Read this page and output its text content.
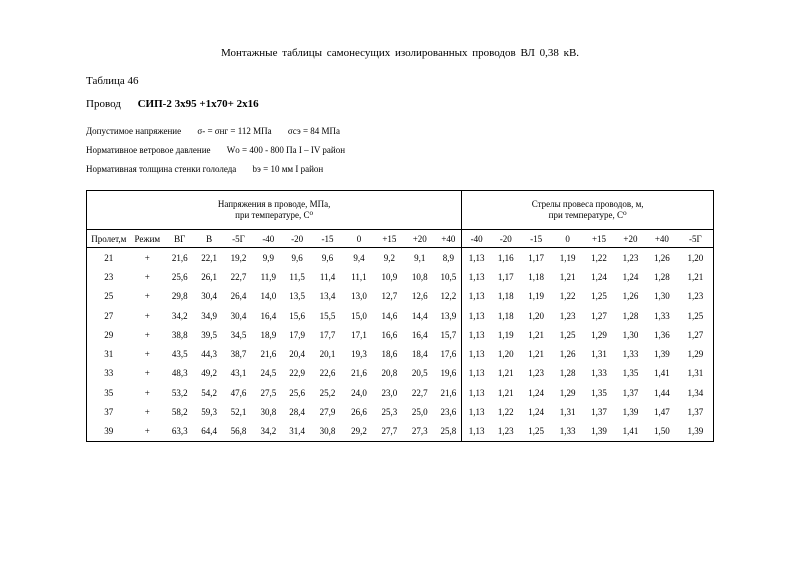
Монтажные таблицы самонесущих изолированных проводов ВЛ 0,38 кВ.
Таблица 46
Провод СИП-2 3х95 +1х70+ 2х16
Допустимое напряжение σ- = σнг = 112 МПа σсэ = 84 МПа
Нормативное ветровое давление Wо = 400 - 800 Па I – IV район
Нормативная толщина стенки гололеда bэ = 10 мм I район
Напряжения в проводе, МПа,
при температуре, С⁰												Стрелы провеса проводов, м,
при температуре, С⁰							
Пролет,м	Режим	ВГ	В	-5Г	-40	-20	-15	0	+15	+20	+40	-40	-20	-15	0	+15	+20	+40	-5Г
21	+	21,6	22,1	19,2	9,9	9,6	9,6	9,4	9,2	9,1	8,9	1,13	1,16	1,17	1,19	1,22	1,23	1,26	1,20
23	+	25,6	26,1	22,7	11,9	11,5	11,4	11,1	10,9	10,8	10,5	1,13	1,17	1,18	1,21	1,24	1,24	1,28	1,21
25	+	29,8	30,4	26,4	14,0	13,5	13,4	13,0	12,7	12,6	12,2	1,13	1,18	1,19	1,22	1,25	1,26	1,30	1,23
27	+	34,2	34,9	30,4	16,4	15,6	15,5	15,0	14,6	14,4	13,9	1,13	1,18	1,20	1,23	1,27	1,28	1,33	1,25
29	+	38,8	39,5	34,5	18,9	17,9	17,7	17,1	16,6	16,4	15,7	1,13	1,19	1,21	1,25	1,29	1,30	1,36	1,27
31	+	43,5	44,3	38,7	21,6	20,4	20,1	19,3	18,6	18,4	17,6	1,13	1,20	1,21	1,26	1,31	1,33	1,39	1,29
33	+	48,3	49,2	43,1	24,5	22,9	22,6	21,6	20,8	20,5	19,6	1,13	1,21	1,23	1,28	1,33	1,35	1,41	1,31
35	+	53,2	54,2	47,6	27,5	25,6	25,2	24,0	23,0	22,7	21,6	1,13	1,21	1,24	1,29	1,35	1,37	1,44	1,34
37	+	58,2	59,3	52,1	30,8	28,4	27,9	26,6	25,3	25,0	23,6	1,13	1,22	1,24	1,31	1,37	1,39	1,47	1,37
39	+	63,3	64,4	56,8	34,2	31,4	30,8	29,2	27,7	27,3	25,8	1,13	1,23	1,25	1,33	1,39	1,41	1,50	1,39
